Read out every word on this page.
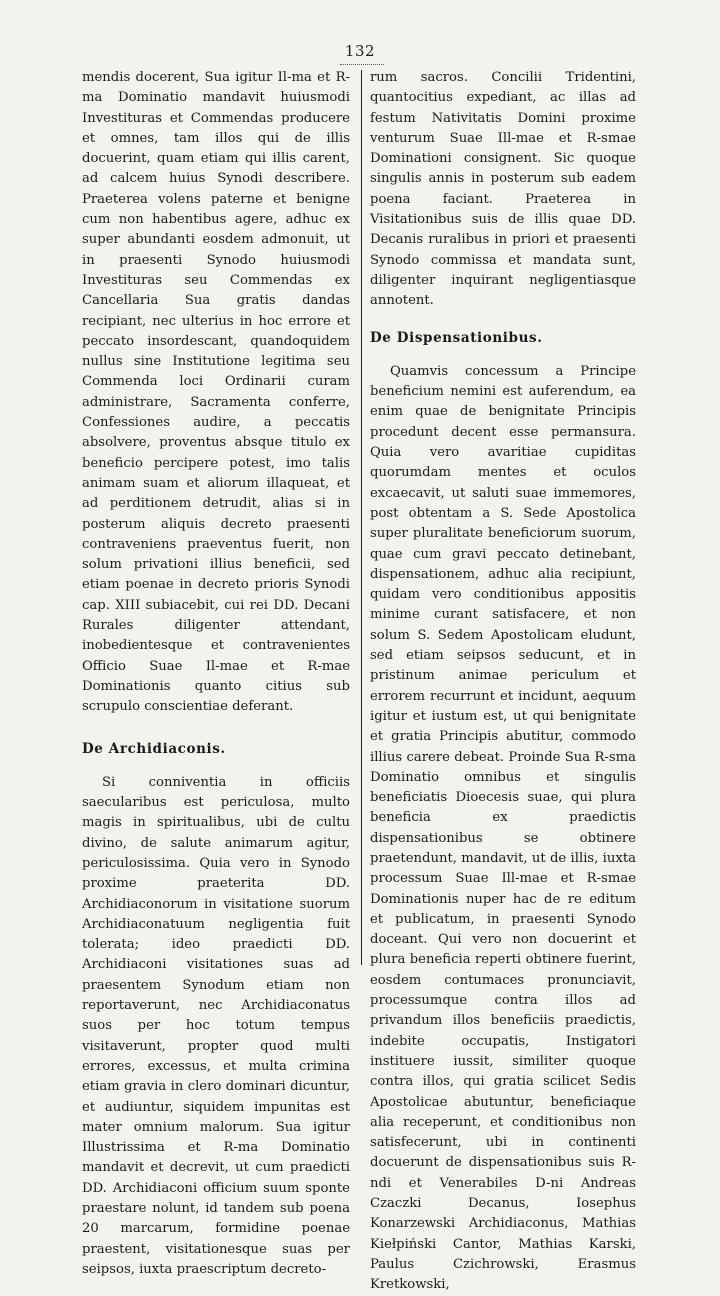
132

mendis docerent, Sua igitur Il-ma et R-ma Dominatio mandavit huiusmodi Investituras et Commendas producere et omnes, tam illos qui de illis docuerint, quam etiam qui illis carent, ad calcem huius Synodi describere. Praeterea volens paterne et benigne cum non habentibus agere, adhuc ex super abundanti eosdem admonuit, ut in praesenti Synodo huiusmodi Investituras seu Commendas ex Cancellaria Sua gratis dandas recipiant, nec ulterius in hoc errore et peccato insordescant, quandoquidem nullus sine Institutione legitima seu Commenda loci Ordinarii curam administrare, Sacramenta conferre, Confessiones audire, a peccatis absolvere, proventus absque titulo ex beneficio percipere potest, imo talis animam suam et aliorum illaqueat, et ad perditionem detrudit, alias si in posterum aliquis decreto praesenti contraveniens praeventus fuerit, non solum privationi illius beneficii, sed etiam poenae in decreto prioris Synodi cap. XIII subiacebit, cui rei DD. Decani Rurales diligenter attendant, inobedientesque et contravenientes Officio Suae Il-mae et R-mae Dominationis quanto citius sub scrupulo conscientiae deferant.

De Archidiaconis.

Si conniventia in officiis saecularibus est periculosa, multo magis in spiritualibus, ubi de cultu divino, de salute animarum agitur, periculosissima. Quia vero in Synodo proxime praeterita DD. Archidiaconorum in visitatione suorum Archidiaconatuum negligentia fuit tolerata; ideo praedicti DD. Archidiaconi visitationes suas ad praesentem Synodum etiam non reportaverunt, nec Archidiaconatus suos per hoc totum tempus visitaverunt, propter quod multi errores, excessus, et multa crimina etiam gravia in clero dominari dicuntur, et audiuntur, siquidem impunitas est mater omnium malorum. Sua igitur Illustrissima et R-ma Dominatio mandavit et decrevit, ut cum praedicti DD. Archidiaconi officium suum sponte praestare nolunt, id tandem sub poena 20 marcarum, formidine poenae praestent, visitationesque suas per seipsos, iuxta praescriptum decreto-

rum sacros. Concilii Tridentini, quantocitius expediant, ac illas ad festum Nativitatis Domini proxime venturum Suae Ill-mae et R-smae Dominationi consignent. Sic quoque singulis annis in posterum sub eadem poena faciant. Praeterea in Visitationibus suis de illis quae DD. Decanis ruralibus in priori et praesenti Synodo commissa et mandata sunt, diligenter inquirant negligentiasque annotent.

De Dispensationibus.

Quamvis concessum a Principe beneficium nemini est auferendum, ea enim quae de benignitate Principis procedunt decent esse permansura. Quia vero avaritiae cupiditas quorumdam mentes et oculos excaecavit, ut saluti suae immemores, post obtentam a S. Sede Apostolica super pluralitate beneficiorum suorum, quae cum gravi peccato detinebant, dispensationem, adhuc alia recipiunt, quidam vero conditionibus appositis minime curant satisfacere, et non solum S. Sedem Apostolicam eludunt, sed etiam seipsos seducunt, et in pristinum animae periculum et errorem recurrunt et incidunt, aequum igitur et iustum est, ut qui benignitate et gratia Principis abutitur, commodo illius carere debeat. Proinde Sua R-sma Dominatio omnibus et singulis beneficiatis Dioecesis suae, qui plura beneficia ex praedictis dispensationibus se obtinere praetendunt, mandavit, ut de illis, iuxta processum Suae Ill-mae et R-smae Dominationis nuper hac de re editum et publicatum, in praesenti Synodo doceant. Qui vero non docuerint et plura beneficia reperti obtinere fuerint, eosdem contumaces pronunciavit, processumque contra illos ad privandum illos beneficiis praedictis, indebite occupatis, Instigatori instituere iussit, similiter quoque contra illos, qui gratia scilicet Sedis Apostolicae abutuntur, beneficiaque alia receperunt, et conditionibus non satisfecerunt, ubi in continenti docuerunt de dispensationibus suis R-ndi et Venerabiles D-ni Andreas Czaczki Decanus, Iosephus Konarzewski Archidiaconus, Mathias Kiełpiński Cantor, Mathias Karski, Paulus Czichrowski, Erasmus Kretkowski,
